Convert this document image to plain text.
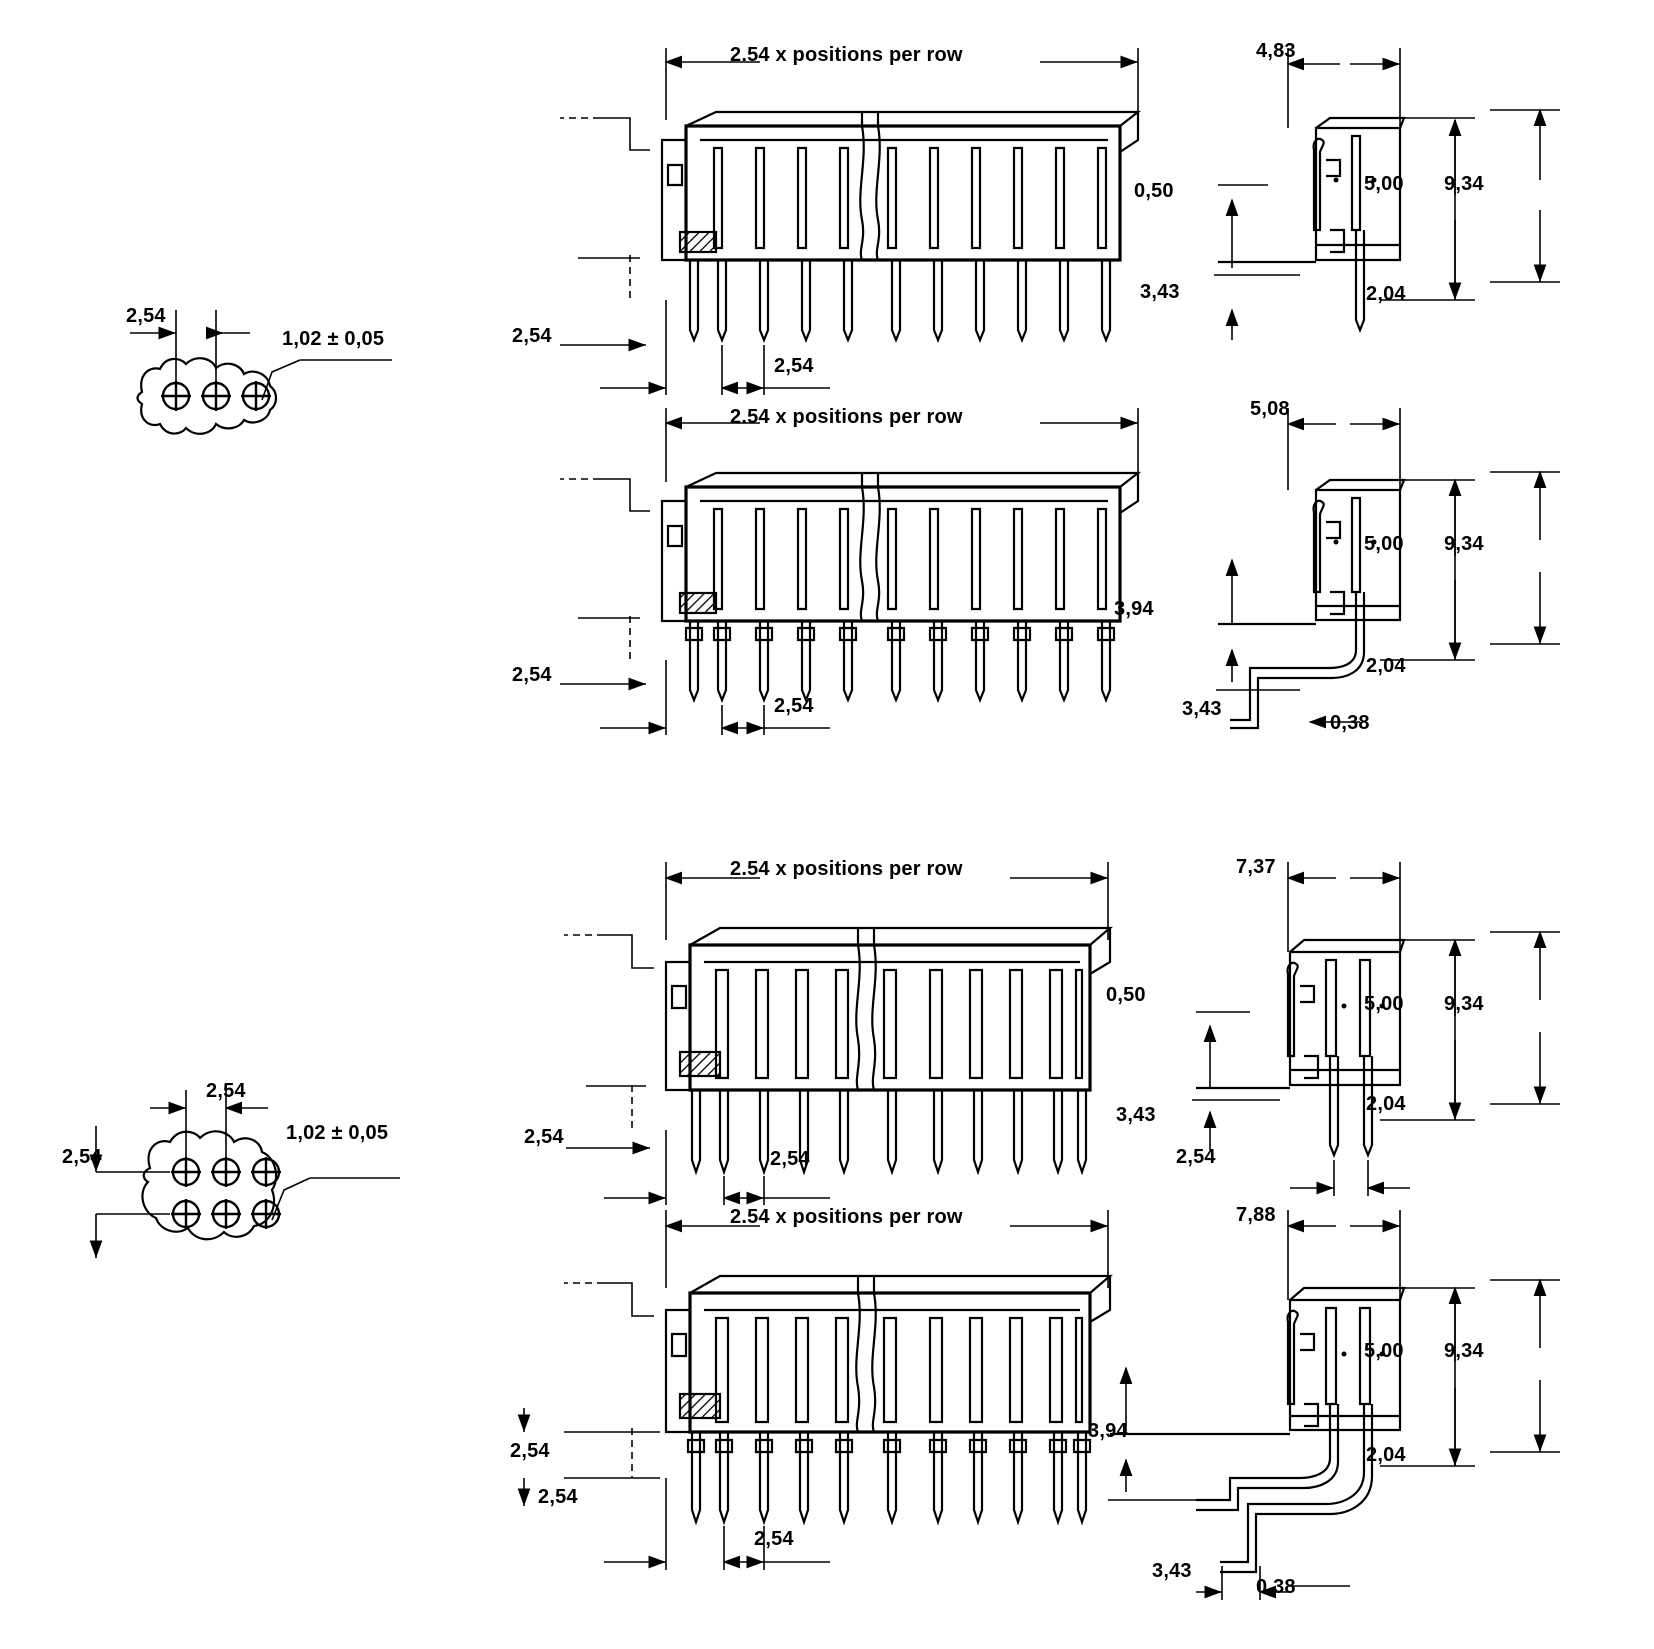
2,54
1,02 ± 0,05
2.54 x positions per row
2,54
2,54
4,83
0,50
3,43
5,00 9,34
2,04
2.54 x positions per row
2,54
2,54
5,08
3,94
3,43
0,38
5,00 9,34
2,04
2,54
2,54
1,02 ± 0,05
2.54 x positions per row
2,54
2,54
7,37
0,50
3,43
2,54
5,00 9,34
2,04
2.54 x positions per row
2,54
2,54
2,54
7,88
3,94
3,43
0,38
5,00 9,34
2,04
